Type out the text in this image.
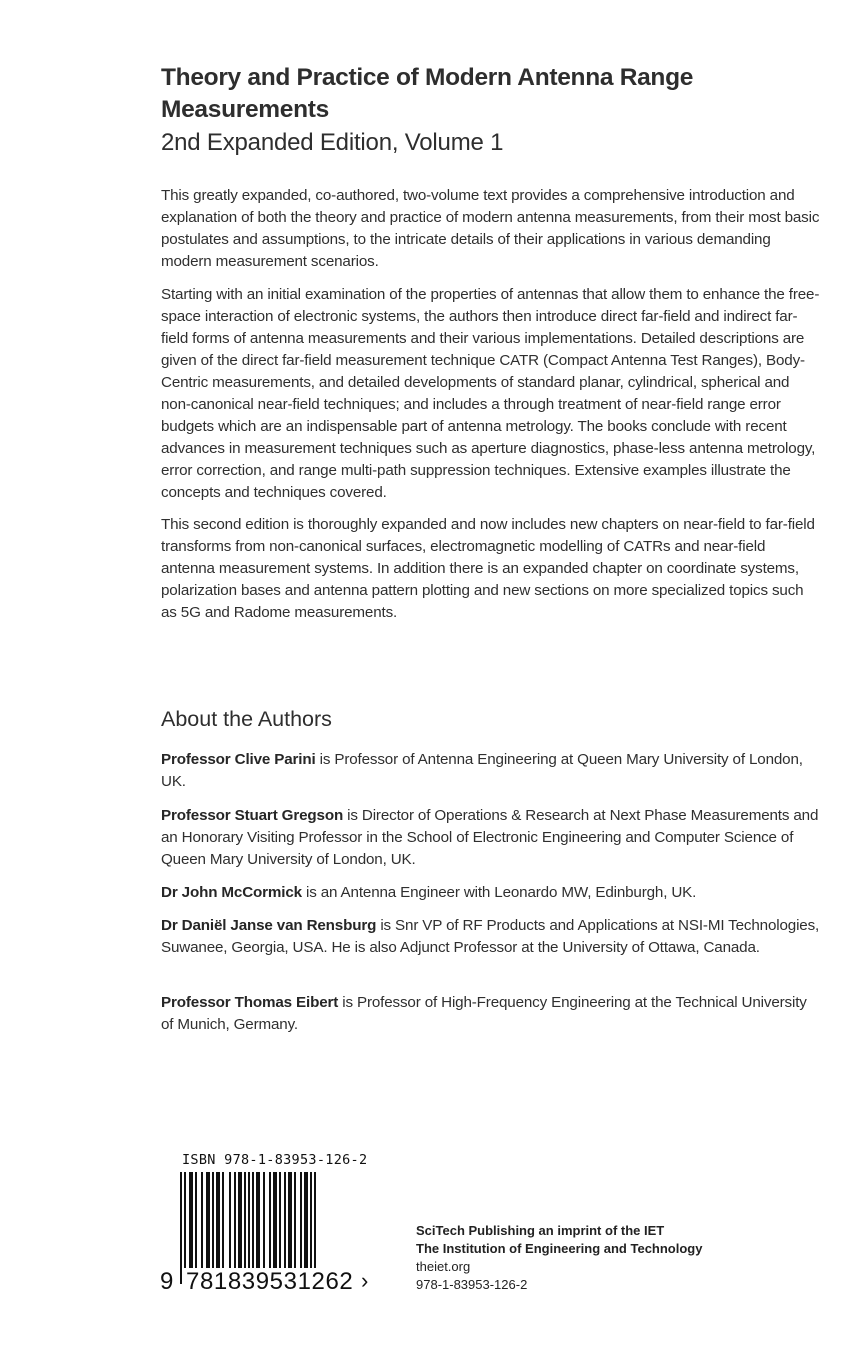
Theory and Practice of Modern Antenna Range Measurements
2nd Expanded Edition, Volume 1

This greatly expanded, co-authored, two-volume text provides a comprehensive introduction and explanation of both the theory and practice of modern antenna measurements, from their most basic postulates and assumptions, to the intricate details of their applications in various demanding modern measurement scenarios.

Starting with an initial examination of the properties of antennas that allow them to enhance the free-space interaction of electronic systems, the authors then introduce direct far-field and indirect far-field forms of antenna measurements and their various implementations. Detailed descriptions are given of the direct far-field measurement technique CATR (Compact Antenna Test Ranges), Body-Centric measurements, and detailed developments of standard planar, cylindrical, spherical and non-canonical near-field techniques; and includes a through treatment of near-field range error budgets which are an indispensable part of antenna metrology. The books conclude with recent advances in measurement techniques such as aperture diagnostics, phase-less antenna metrology, error correction, and range multi-path suppression techniques. Extensive examples illustrate the concepts and techniques covered.

This second edition is thoroughly expanded and now includes new chapters on near-field to far-field transforms from non-canonical surfaces, electromagnetic modelling of CATRs and near-field antenna measurement systems. In addition there is an expanded chapter on coordinate systems, polarization bases and antenna pattern plotting and new sections on more specialized topics such as 5G and Radome measurements.

About the Authors
Professor Clive Parini is Professor of Antenna Engineering at Queen Mary University of London, UK.
Professor Stuart Gregson is Director of Operations & Research at Next Phase Measurements and an Honorary Visiting Professor in the School of Electronic Engineering and Computer Science of Queen Mary University of London, UK.
Dr John McCormick is an Antenna Engineer with Leonardo MW, Edinburgh, UK.
Dr Daniël Janse van Rensburg is Snr VP of RF Products and Applications at NSI-MI Technologies, Suwanee, Georgia, USA. He is also Adjunct Professor at the University of Ottawa, Canada.
Professor Thomas Eibert is Professor of High-Frequency Engineering at the Technical University of Munich, Germany.
ISBN 978-1-83953-126-2
9 781839531262 ›
SciTech Publishing an imprint of the IET
The Institution of Engineering and Technology
theiet.org
978-1-83953-126-2
